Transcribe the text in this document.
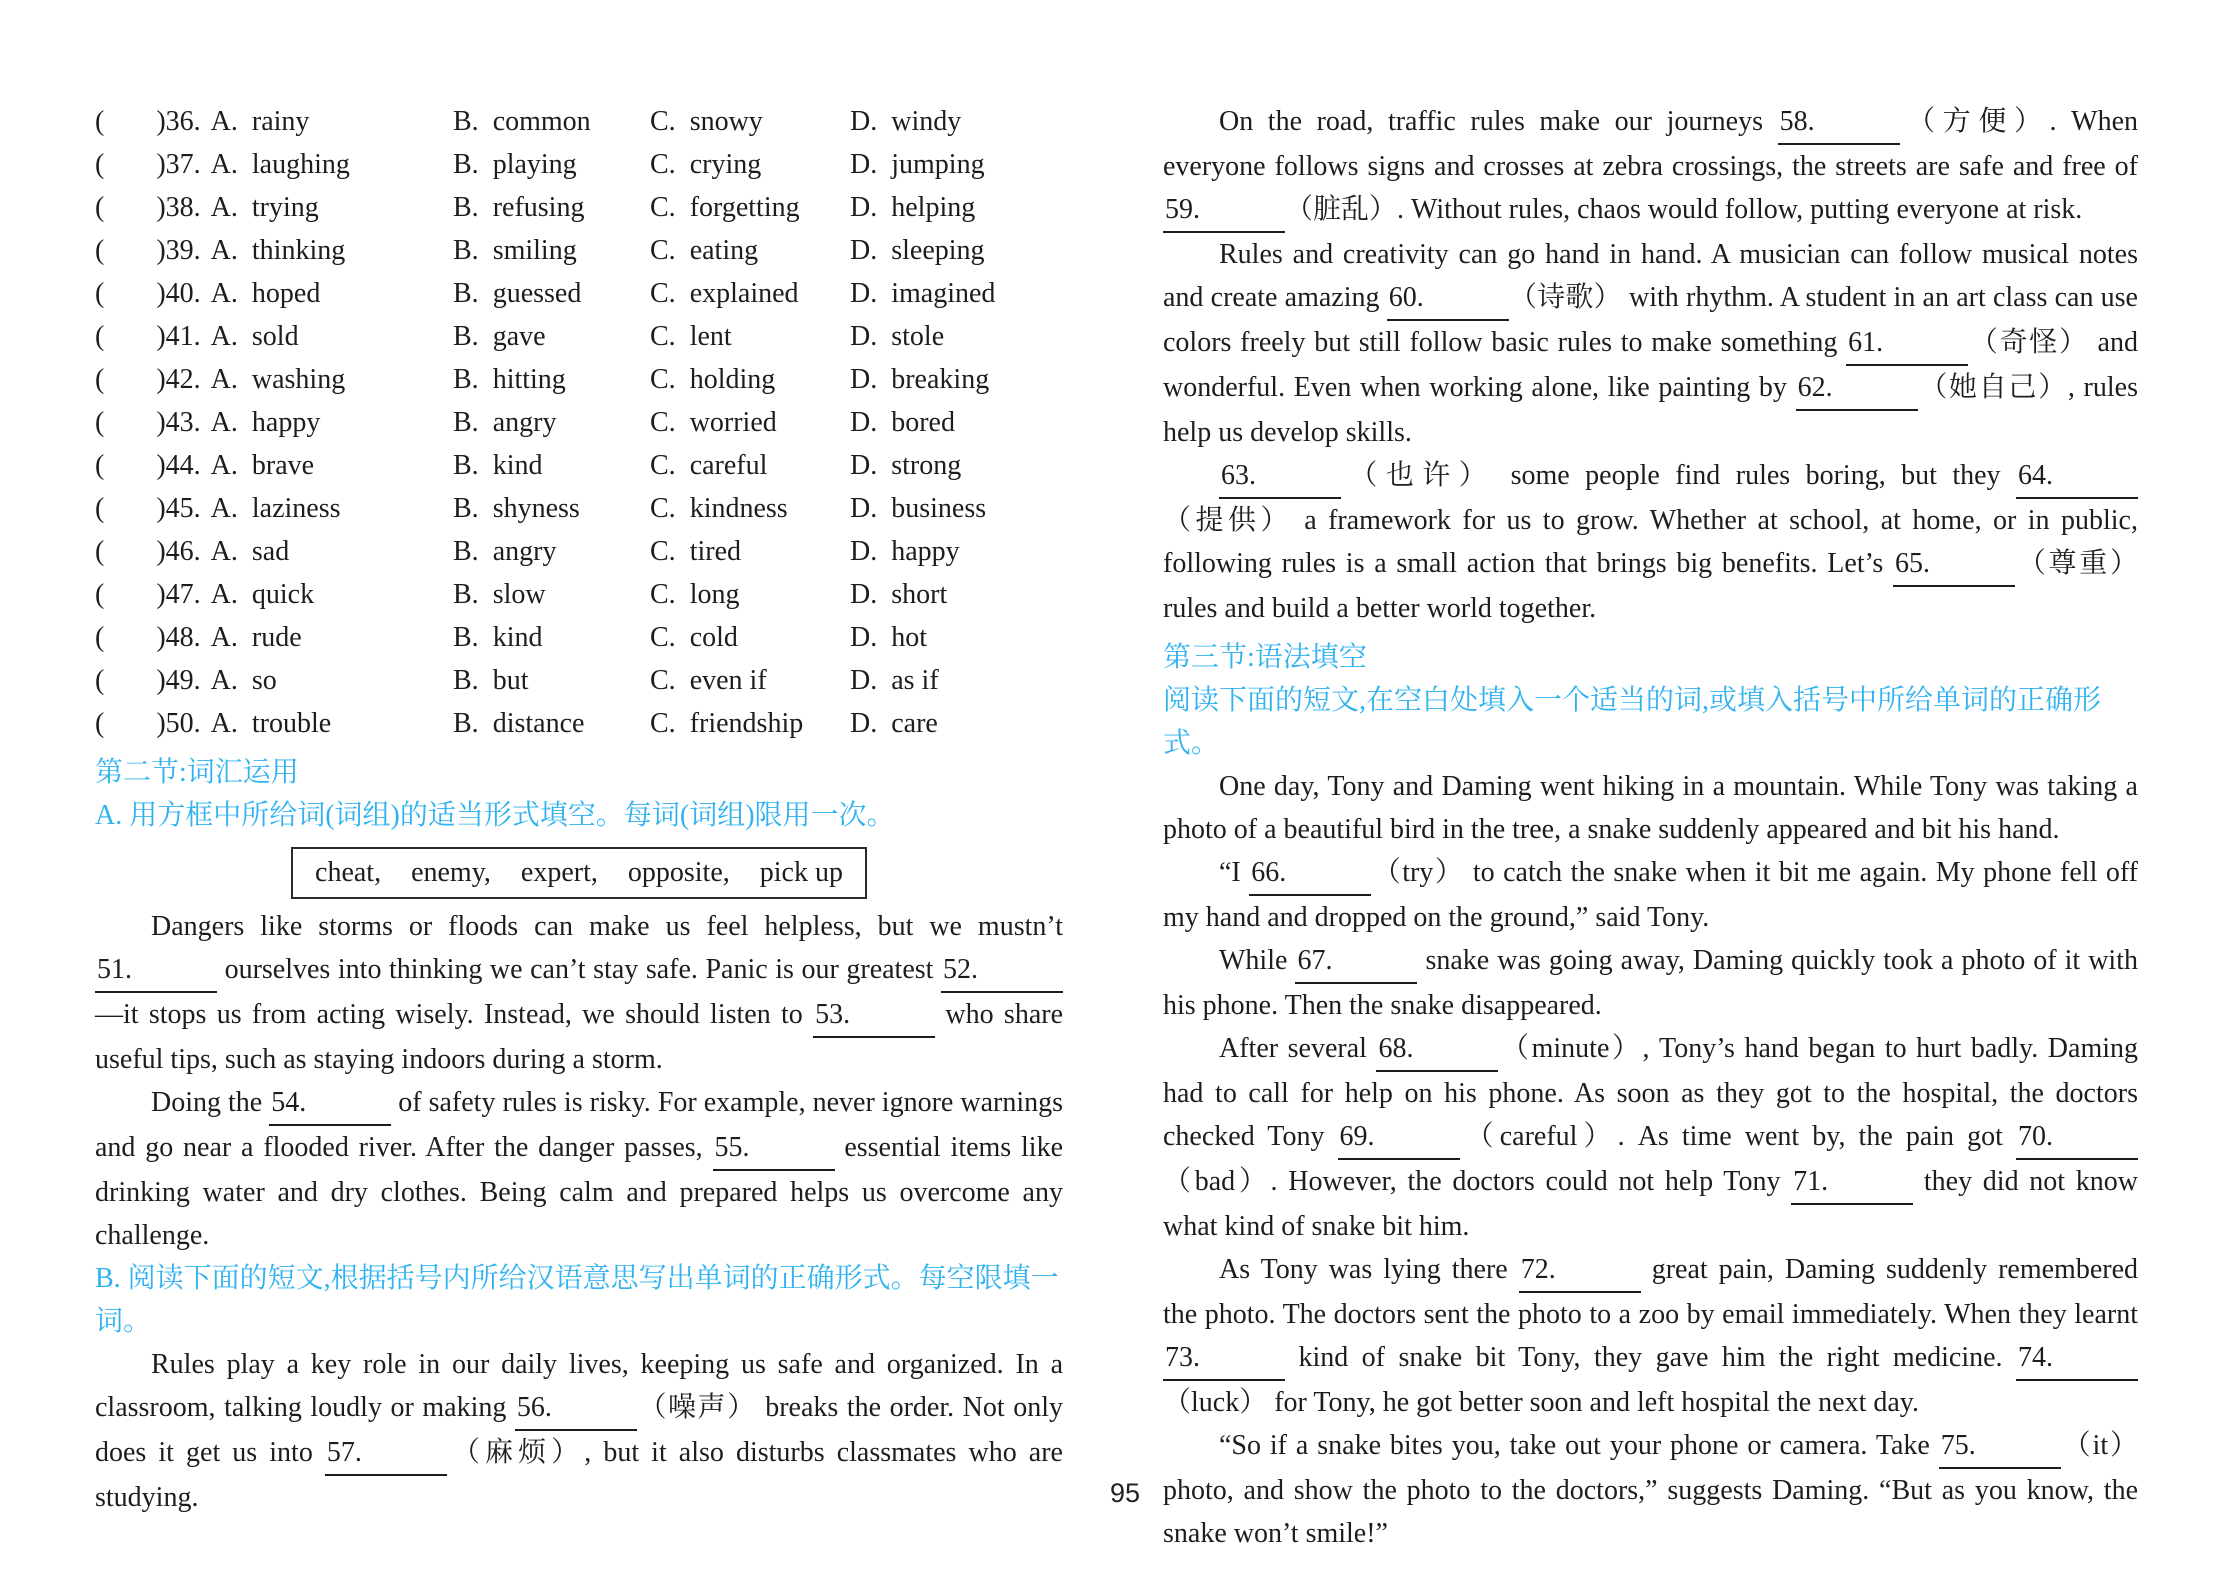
( )36. A. rainy	B. common	C. snowy	D. windy
( )37. A. laughing	B. playing	C. crying	D. jumping
( )38. A. trying	B. refusing	C. forgetting	D. helping
( )39. A. thinking	B. smiling	C. eating	D. sleeping
( )40. A. hoped	B. guessed	C. explained	D. imagined
( )41. A. sold	B. gave	C. lent	D. stole
( )42. A. washing	B. hitting	C. holding	D. breaking
( )43. A. happy	B. angry	C. worried	D. bored
( )44. A. brave	B. kind	C. careful	D. strong
( )45. A. laziness	B. shyness	C. kindness	D. business
( )46. A. sad	B. angry	C. tired	D. happy
( )47. A. quick	B. slow	C. long	D. short
( )48. A. rude	B. kind	C. cold	D. hot
( )49. A. so	B. but	C. even if	D. as if
( )50. A. trouble	B. distance	C. friendship	D. care
第二节:词汇运用
A. 用方框中所给词(词组)的适当形式填空。每词(词组)限用一次。
cheat, enemy, expert, opposite, pick up

Dangers like storms or floods can make us feel helpless, but we mustn’t 51.	ourselves into thinking we can’t stay safe. Panic is our greatest 52.—it stops us from acting wisely. Instead, we should listen to 53.	who share useful tips, such as staying indoors during a storm.

Doing the 54.	of safety rules is risky. For example, never ignore warnings and go near a flooded river. After the danger passes, 55.	essential items like drinking water and dry clothes. Being calm and prepared helps us overcome any challenge.

B. 阅读下面的短文,根据括号内所给汉语意思写出单词的正确形式。每空限填一词。

Rules play a key role in our daily lives, keeping us safe and organized. In a classroom, talking loudly or making 56.	（噪声） breaks the order. Not only does it get us into 57.	（麻烦）, but it also disturbs classmates who are studying.

On the road, traffic rules make our journeys 58.	（方便）. When everyone follows signs and crosses at zebra crossings, the streets are safe and free of 59.	（脏乱）. Without rules, chaos would follow, putting everyone at risk.

Rules and creativity can go hand in hand. A musician can follow musical notes and create amazing 60.	（诗歌） with rhythm. A student in an art class can use colors freely but still follow basic rules to make something 61.	（奇怪） and wonderful. Even when working alone, like painting by 62.	（她自己）, rules help us develop skills.

63.	（也许） some people find rules boring, but they 64.（提供） a framework for us to grow. Whether at school, at home, or in public, following rules is a small action that brings big benefits. Let’s 65.	（尊重） rules and build a better world together.

第三节:语法填空
阅读下面的短文,在空白处填入一个适当的词,或填入括号中所给单词的正确形式。

One day, Tony and Daming went hiking in a mountain. While Tony was taking a photo of a beautiful bird in the tree, a snake suddenly appeared and bit his hand.

“I 66.	（try） to catch the snake when it bit me again. My phone fell off my hand and dropped on the ground,” said Tony.

While 67.	snake was going away, Daming quickly took a photo of it with his phone. Then the snake disappeared.

After several 68.	（minute）, Tony’s hand began to hurt badly. Daming had to call for help on his phone. As soon as they got to the hospital, the doctors checked Tony 69.	（careful）. As time went by, the pain got 70.（bad）. However, the doctors could not help Tony 71.	they did not know what kind of snake bit him.

As Tony was lying there 72.	great pain, Daming suddenly remembered the photo. The doctors sent the photo to a zoo by email immediately. When they learnt 73.	kind of snake bit Tony, they gave him the right medicine. 74.（luck） for Tony, he got better soon and left hospital the next day.

“So if a snake bites you, take out your phone or camera. Take 75.	（it） photo, and show the photo to the doctors,” suggests Daming. “But as you know, the snake won’t smile!”

95
